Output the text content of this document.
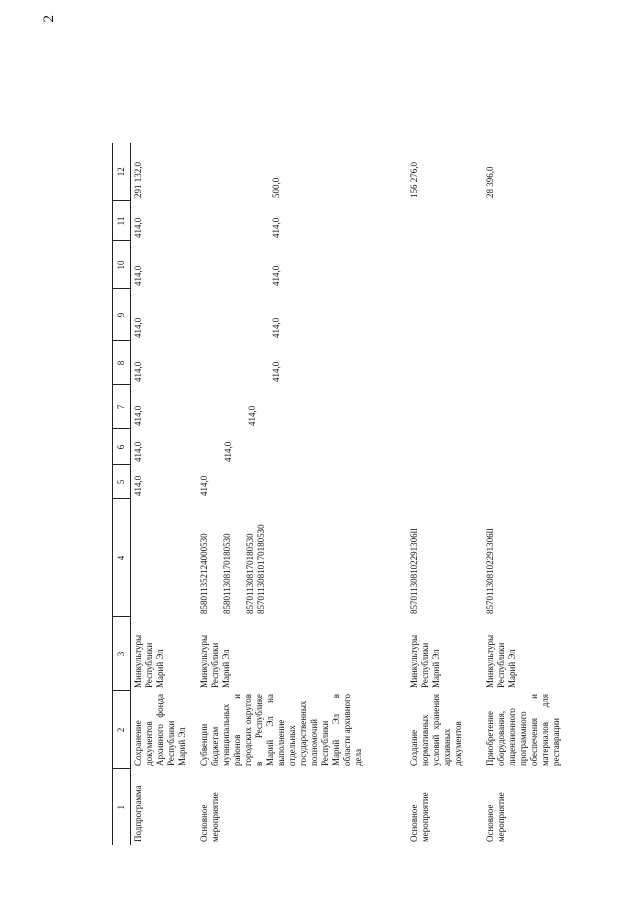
2
1	2	3	4	5	6	7	8	9	10	11	12
Подпрограмма	Сохранение документов Архивного фонда Республики Марий Эл	Минкультуры Республики Марий Эл		414,0	414,0	414,0	414,0	414,0	414,0	414,0	291 132,0
Основное мероприятие	Субвенции бюджетам муниципальных районов и городских округов в Республике Марий Эл на выполнение отдельных государственных полномочий Республики Марий Эл в области архивного дела	Минкультуры Республики Марий Эл	858011352124000530 858011308170180530 857011308170180530 857011308101701805З0	414,0	414,0	414,0	414,0	414,0	414,0	414,0	500,0
Основное мероприятие	Создание нормативных условий хранения архивных документов	Минкультуры Республики Марий Эл	857011308102291306ll								156 276,0
Основное мероприятие	Приобретение оборудования, лицензионного программного обеспечения и материалов для реставрации	Минкультуры Республики Марий Эл	857011308102291306ll								28 396,0
